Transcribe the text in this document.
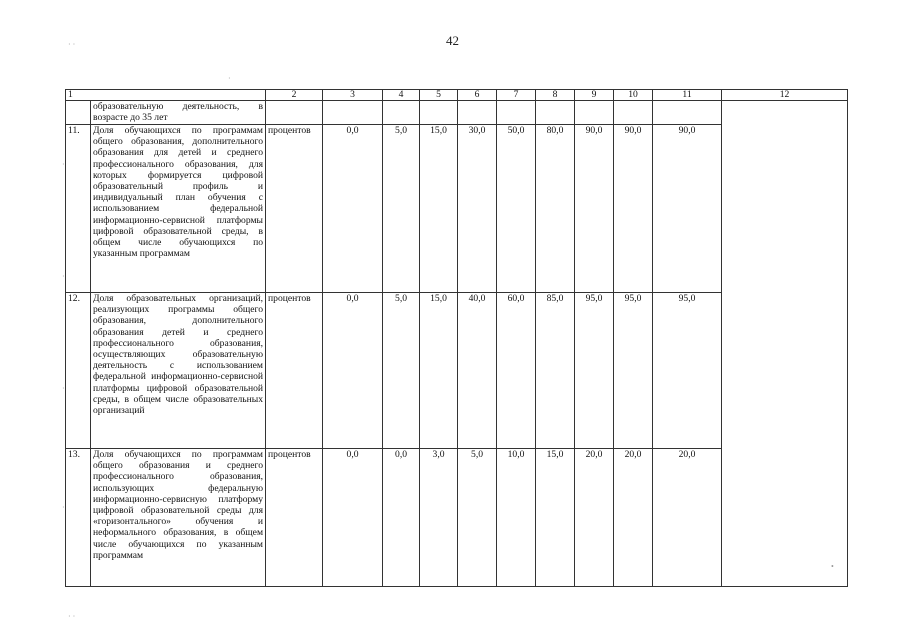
42
· ·
·
·
·
·
·
•
· ·
1		2	3	4	5	6	7	8	9	10	11	12
	образовательную деятельность, в возрасте до 35 лет											
11.	Доля обучающихся по программам общего образования, дополнительного образования для детей и среднего профессионального образования, для которых формируется цифровой образовательный профиль и индивидуальный план обучения с использованием федеральной информационно-сервисной платформы цифровой образовательной среды, в общем числе обучающихся по указанным программам	процентов	0,0	5,0	15,0	30,0	50,0	80,0	90,0	90,0	90,0	
12.	Доля образовательных организаций, реализующих программы общего образования, дополнительного образования детей и среднего профессионального образования, осуществляющих образовательную деятельность с использованием федеральной информационно-сервисной платформы цифровой образовательной среды, в общем числе образовательных организаций	процентов	0,0	5,0	15,0	40,0	60,0	85,0	95,0	95,0	95,0	
13.	Доля обучающихся по программам общего образования и среднего профессионального образования, использующих федеральную информационно-сервисную платформу цифровой образовательной среды для «горизонтального» обучения и неформального образования, в общем числе обучающихся по указанным программам	процентов	0,0	0,0	3,0	5,0	10,0	15,0	20,0	20,0	20,0	
